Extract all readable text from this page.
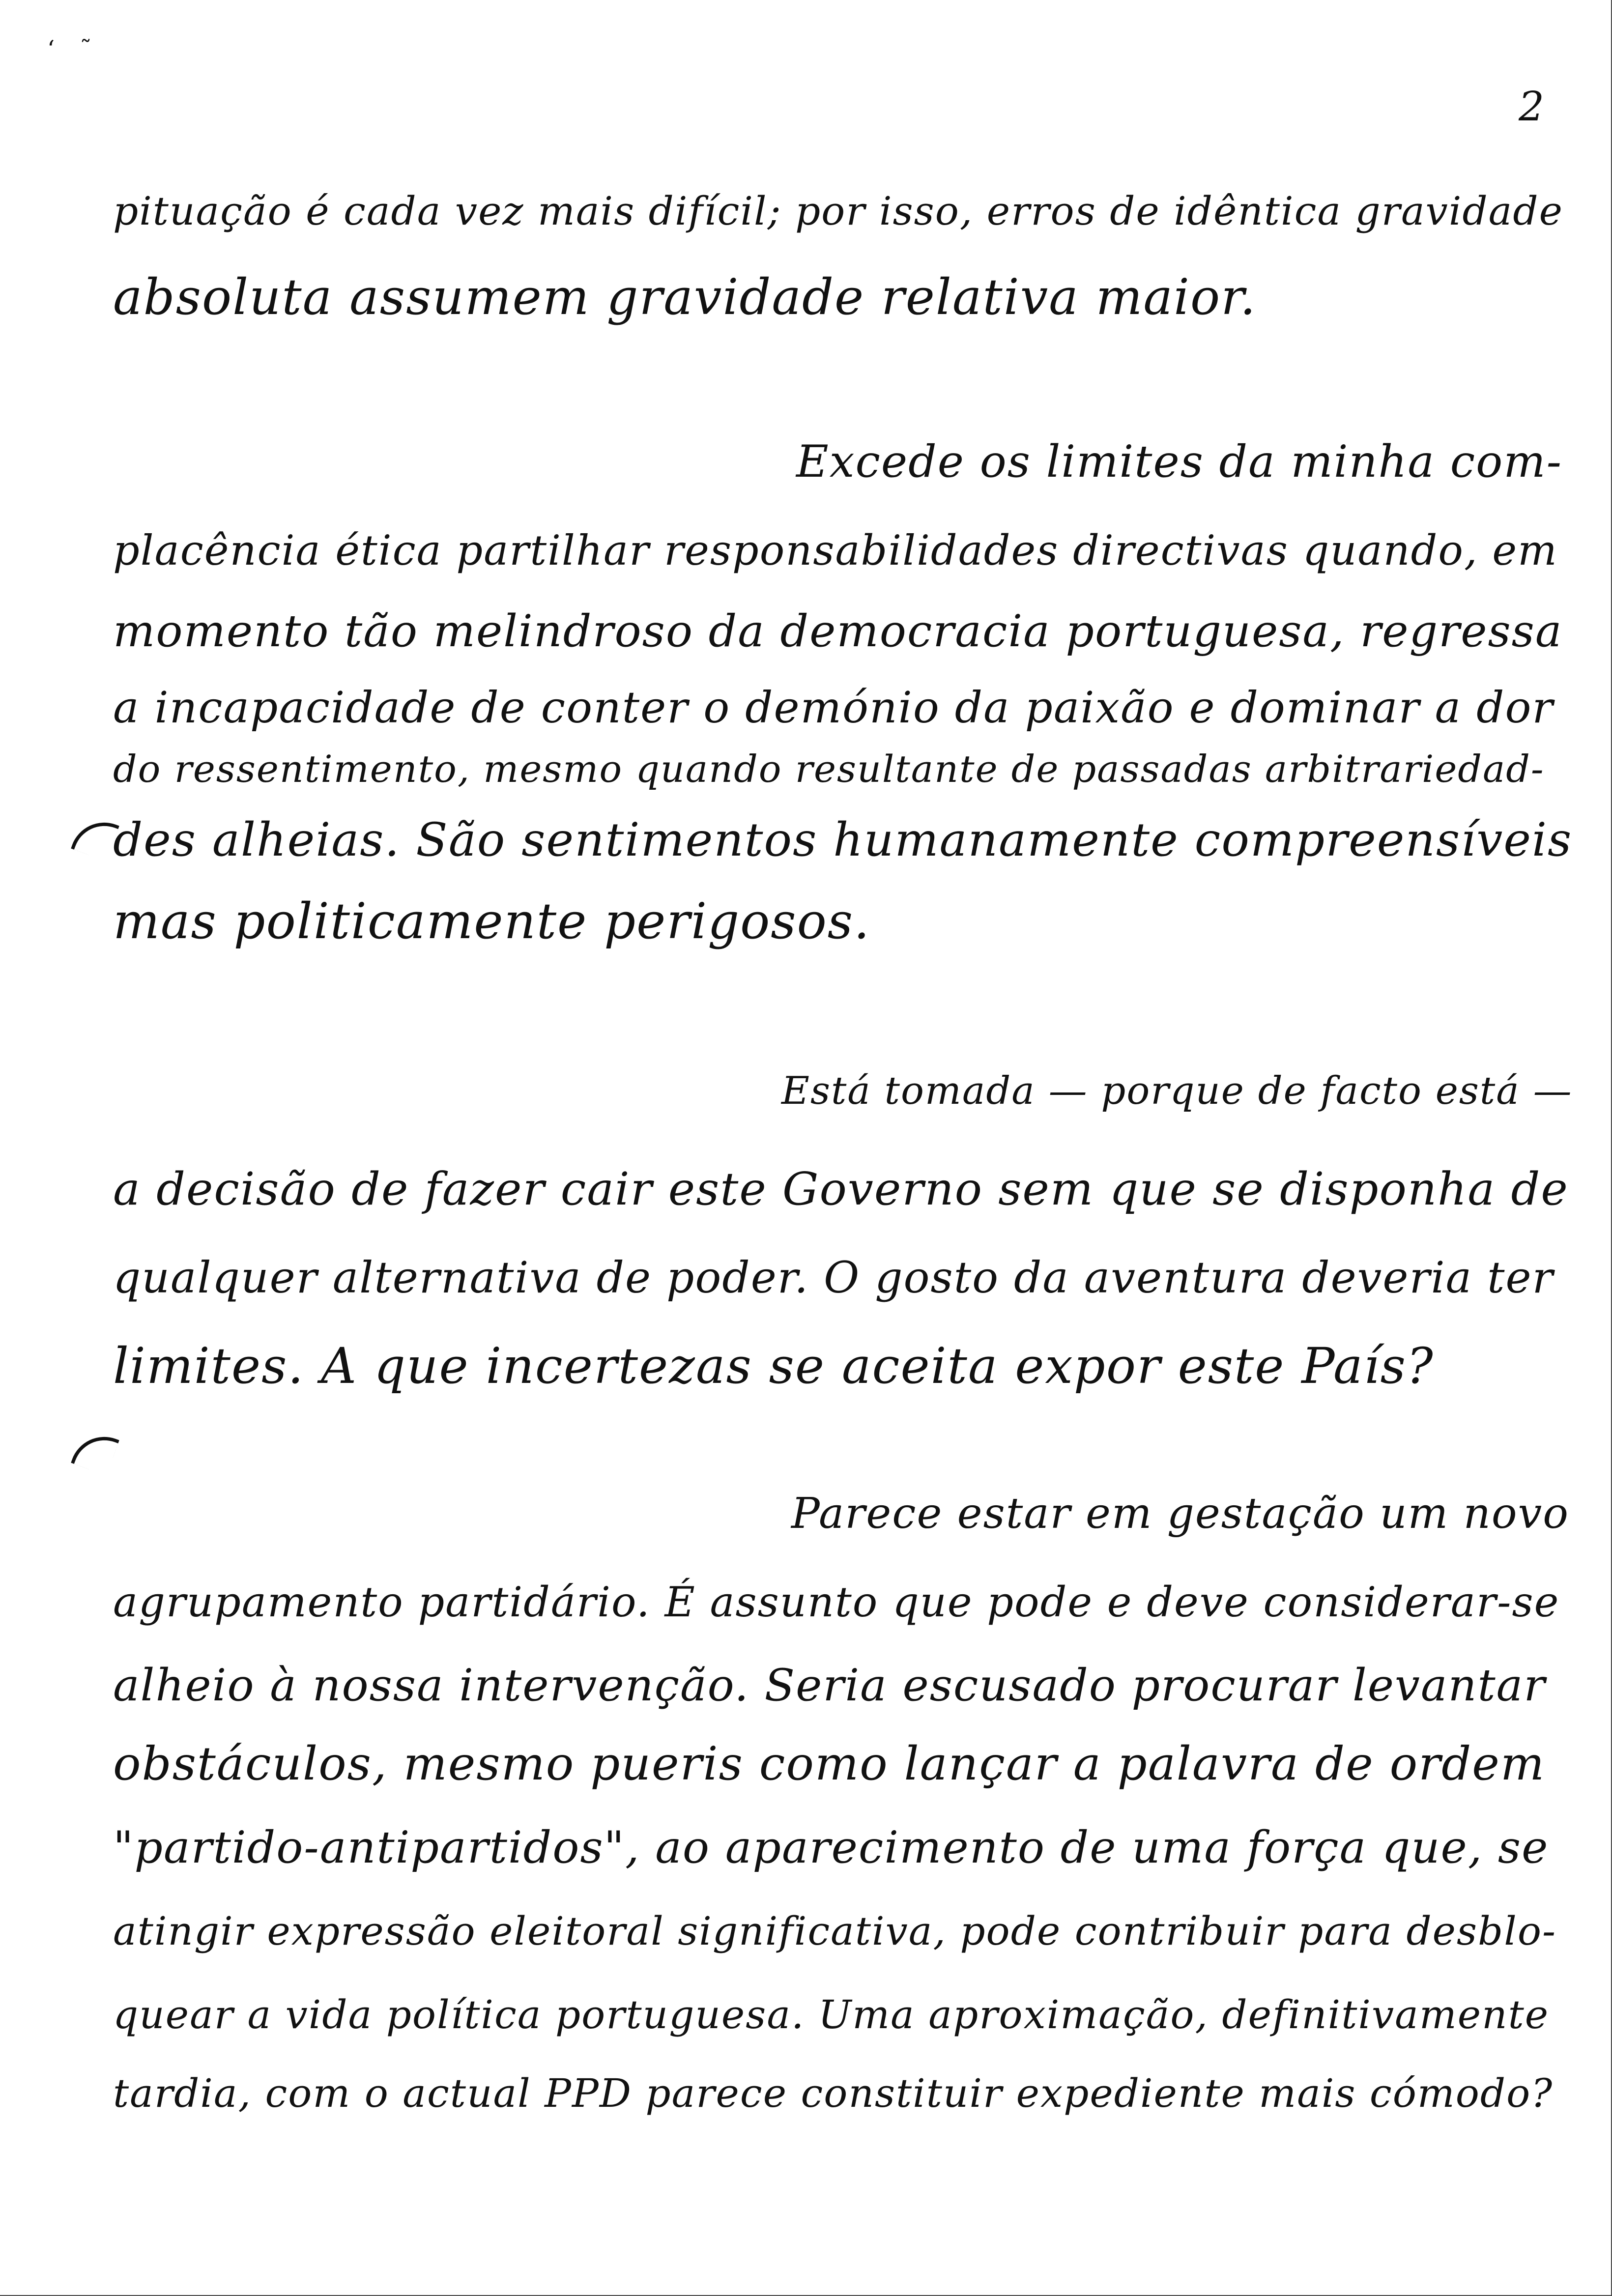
‘ ˜
2
pituação é cada vez mais difícil; por isso, erros de idêntica gravidade
absoluta assumem gravidade relativa maior.
Excede os limites da minha com-
placência ética partilhar responsabilidades directivas quando, em
momento tão melindroso da democracia portuguesa, regressa
a incapacidade de conter o demónio da paixão e dominar a dor
do ressentimento, mesmo quando resultante de passadas arbitrariedad-
des alheias. São sentimentos humanamente compreensíveis
mas politicamente perigosos.
Está tomada — porque de facto está —
a decisão de fazer cair este Governo sem que se disponha de
qualquer alternativa de poder. O gosto da aventura deveria ter
limites. A que incertezas se aceita expor este País?
Parece estar em gestação um novo
agrupamento partidário. É assunto que pode e deve considerar-se
alheio à nossa intervenção. Seria escusado procurar levantar
obstáculos, mesmo pueris como lançar a palavra de ordem
"partido-antipartidos", ao aparecimento de uma força que, se
atingir expressão eleitoral significativa, pode contribuir para desblo-
quear a vida política portuguesa. Uma aproximação, definitivamente
tardia, com o actual PPD parece constituir expediente mais cómodo?
